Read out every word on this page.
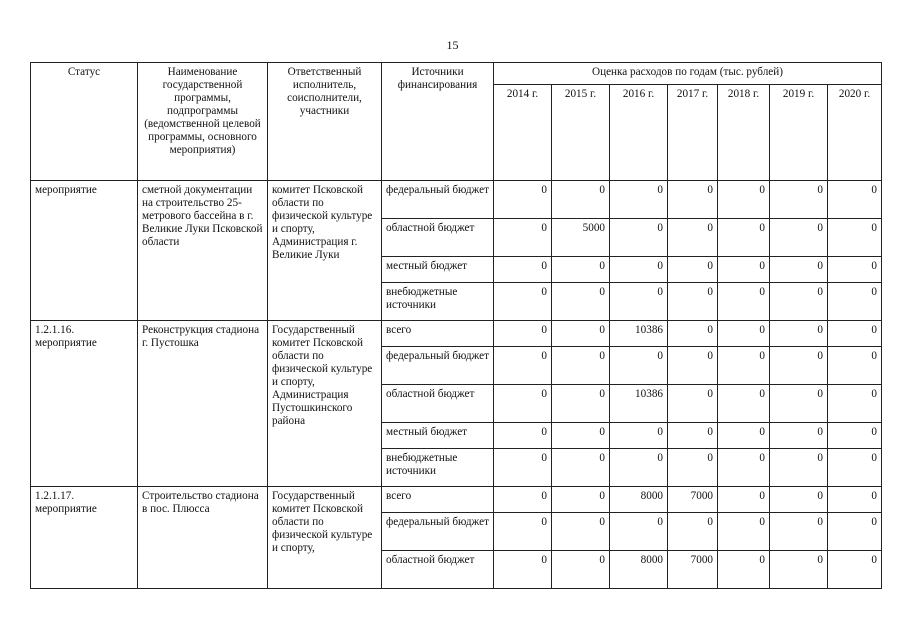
15
Статус	Наименование государственной программы, подпрограммы (ведомственной целевой программы, основного мероприятия)	Ответственный исполнитель, соисполнители, участники	Источники финансирования	Оценка расходов по годам (тыс. рублей)						
				2014 г.	2015 г.	2016 г.	2017 г.	2018 г.	2019 г.	2020 г.
мероприятие	сметной документации на строительство 25-метрового бассейна в г. Великие Луки Псковской области	комитет Псковской области по физической культуре и спорту, Администрация г. Великие Луки	федеральный бюджет	0	0	0	0	0	0	0
			областной бюджет	0	5000	0	0	0	0	0
			местный бюджет	0	0	0	0	0	0	0
			внебюджетные источники	0	0	0	0	0	0	0
1.2.1.16. мероприятие	Реконструкция стадиона г. Пустошка	Государственный комитет Псковской области по физической культуре и спорту, Администрация Пустошкинского района	всего	0	0	10386	0	0	0	0
			федеральный бюджет	0	0	0	0	0	0	0
			областной бюджет	0	0	10386	0	0	0	0
			местный бюджет	0	0	0	0	0	0	0
			внебюджетные источники	0	0	0	0	0	0	0
1.2.1.17. мероприятие	Строительство стадиона в пос. Плюсса	Государственный комитет Псковской области по физической культуре и спорту,	всего	0	0	8000	7000	0	0	0
			федеральный бюджет	0	0	0	0	0	0	0
			областной бюджет	0	0	8000	7000	0	0	0
